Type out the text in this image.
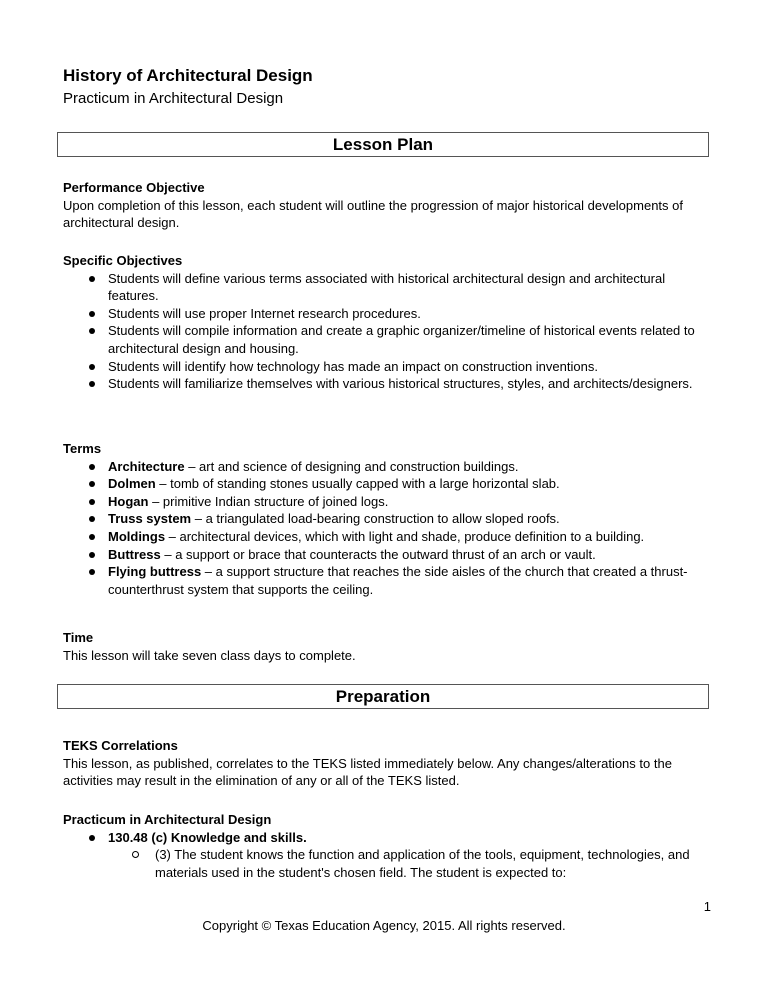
History of Architectural Design
Practicum in Architectural Design
Lesson Plan
Performance Objective

Upon completion of this lesson, each student will outline the progression of major historical developments of architectural design.

Specific Objectives
Students will define various terms associated with historical architectural design and architectural features.
Students will use proper Internet research procedures.
Students will compile information and create a graphic organizer/timeline of historical events related to architectural design and housing.
Students will identify how technology has made an impact on construction inventions.
Students will familiarize themselves with various historical structures, styles, and architects/designers.
Terms
Architecture – art and science of designing and construction buildings.
Dolmen – tomb of standing stones usually capped with a large horizontal slab.
Hogan – primitive Indian structure of joined logs.
Truss system – a triangulated load-bearing construction to allow sloped roofs.
Moldings – architectural devices, which with light and shade, produce definition to a building.
Buttress – a support or brace that counteracts the outward thrust of an arch or vault.
Flying buttress – a support structure that reaches the side aisles of the church that created a thrust-counterthrust system that supports the ceiling.
Time

This lesson will take seven class days to complete.

Preparation
TEKS Correlations

This lesson, as published, correlates to the TEKS listed immediately below. Any changes/alterations to the activities may result in the elimination of any or all of the TEKS listed.

Practicum in Architectural Design
130.48 (c) Knowledge and skills.
(3) The student knows the function and application of the tools, equipment, technologies, and materials used in the student's chosen field. The student is expected to:
1
Copyright © Texas Education Agency, 2015. All rights reserved.
